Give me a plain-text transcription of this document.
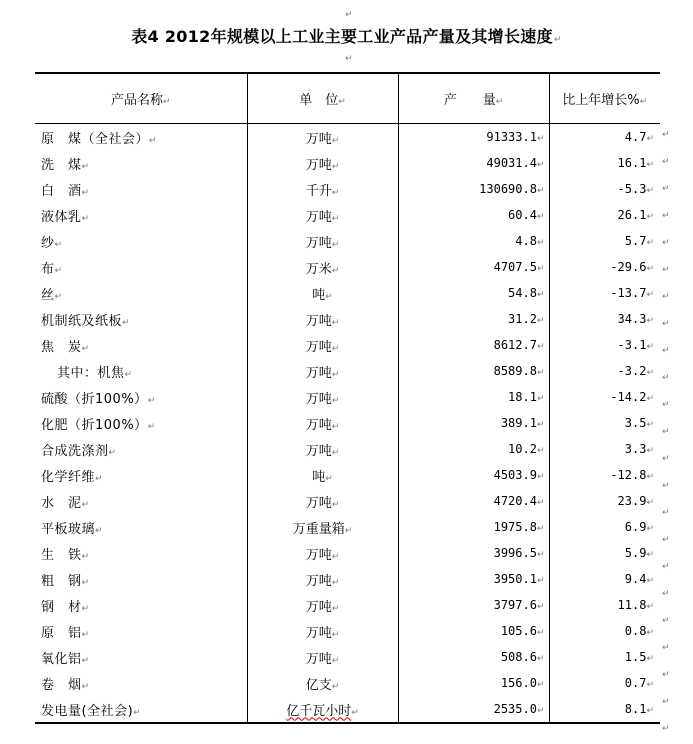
↵
表4 2012年规模以上工业主要工业产品产量及其增长速度↵
↵
产品名称↵	单　位↵	产　　量↵	比上年增长%↵
原　煤（全社会）↵	万吨↵	91333.1↵	4.7↵
洗　煤↵	万吨↵	49031.4↵	16.1↵
白　酒↵	千升↵	130690.8↵	-5.3↵
液体乳↵	万吨↵	60.4↵	26.1↵
纱↵	万吨↵	4.8↵	5.7↵
布↵	万米↵	4707.5↵	-29.6↵
丝↵	吨↵	54.8↵	-13.7↵
机制纸及纸板↵	万吨↵	31.2↵	34.3↵
焦　炭↵	万吨↵	8612.7↵	-3.1↵
其中：机焦↵	万吨↵	8589.8↵	-3.2↵
硫酸（折100%）↵	万吨↵	18.1↵	-14.2↵
化肥（折100%）↵	万吨↵	389.1↵	3.5↵
合成洗涤剂↵	万吨↵	10.2↵	3.3↵
化学纤维↵	吨↵	4503.9↵	-12.8↵
水　泥↵	万吨↵	4720.4↵	23.9↵
平板玻璃↵	万重量箱↵	1975.8↵	6.9↵
生　铁↵	万吨↵	3996.5↵	5.9↵
粗　钢↵	万吨↵	3950.1↵	9.4↵
钢　材↵	万吨↵	3797.6↵	11.8↵
原　铝↵	万吨↵	105.6↵	0.8↵
氧化铝↵	万吨↵	508.6↵	1.5↵
卷　烟↵	亿支↵	156.0↵	0.7↵
发电量(全社会)↵	亿千瓦小时↵	2535.0↵	8.1↵
↵
↵
↵
↵
↵
↵
↵
↵
↵
↵
↵
↵
↵
↵
↵
↵
↵
↵
↵
↵
↵
↵
↵
